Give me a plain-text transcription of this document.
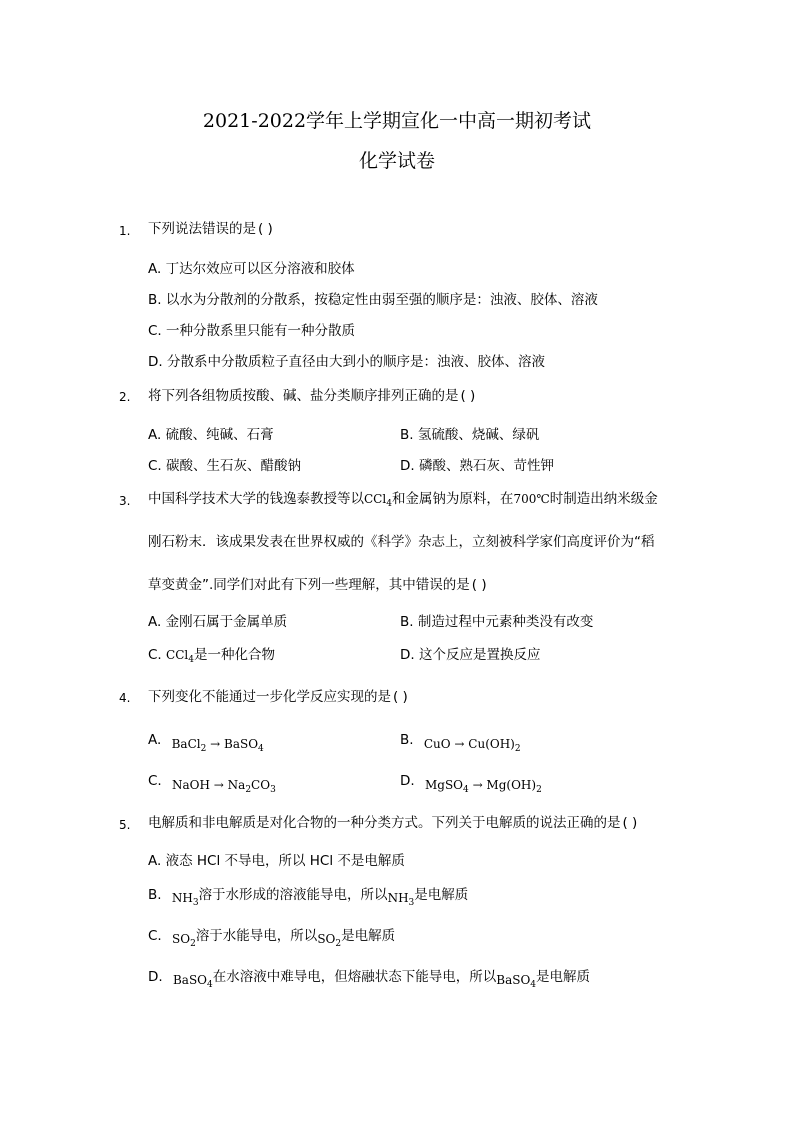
2021-2022学年上学期宣化一中高一期初考试
化学试卷
1. 下列说法错误的是 ( )
A. 丁达尔效应可以区分溶液和胶体
B. 以水为分散剂的分散系，按稳定性由弱至强的顺序是：浊液、胶体、溶液
C. 一种分散系里只能有一种分散质
D. 分散系中分散质粒子直径由大到小的顺序是：浊液、胶体、溶液
2. 将下列各组物质按酸、碱、盐分类顺序排列正确的是 ( )
A. 硫酸、纯碱、石膏	B. 氢硫酸、烧碱、绿矾
C. 碳酸、生石灰、醋酸钠	D. 磷酸、熟石灰、苛性钾
3. 中国科学技术大学的钱逸泰教授等以CCl$_4$和金属钠为原料，在700℃时制造出纳米级金
刚石粉末．该成果发表在世界权威的《科学》杂志上，立刻被科学家们高度评价为“稻
草变黄金”.同学们对此有下列一些理解，其中错误的是 ( )
A. 金刚石属于金属单质	B. 制造过程中元素种类没有改变
C. CCl$_4$是一种化合物	D. 这个反应是置换反应
4. 下列变化不能通过一步化学反应实现的是 ( )
A. BaCl$_2$ → BaSO$_4$
B. CuO → $Cu(OH)_2$
C. NaOH → $Na_2CO_3$
D. MgSO$_4$ → $Mg(OH)_2$
5. 电解质和非电解质是对化合物的一种分类方式。下列关于电解质的说法正确的是 ( )
A. 液态 HCl 不导电，所以 HCl 不是电解质
B. $NH_3$溶于水形成的溶液能导电，所以$NH_3$是电解质
C. $SO_2$溶于水能导电，所以$SO_2$是电解质
D. BaSO$_4$在水溶液中难导电，但熔融状态下能导电，所以BaSO$_4$是电解质
